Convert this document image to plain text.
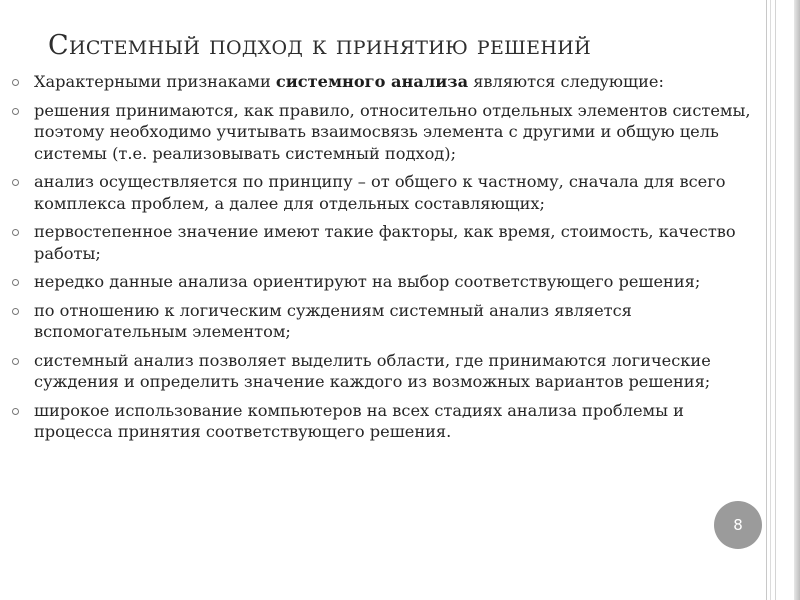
Системный подход к принятию решений
Характерными признаками системного анализа являются следующие:
решения принимаются, как правило, относительно отдельных элементов системы, поэтому необходимо учитывать взаимосвязь элемента с другими и общую цель системы (т.е. реализовывать системный подход);
анализ осуществляется по принципу – от общего к частному, сначала для всего комплекса проблем, а далее для отдельных составляющих;
первостепенное значение имеют такие факторы, как время, стоимость, качество работы;
нередко данные анализа ориентируют на выбор соответствующего решения;
по отношению к логическим суждениям системный анализ является вспомогательным элементом;
системный анализ позволяет выделить области, где принимаются логические суждения и определить значение каждого из возможных вариантов решения;
широкое использование компьютеров на всех стадиях анализа проблемы и процесса принятия соответствующего решения.
8
